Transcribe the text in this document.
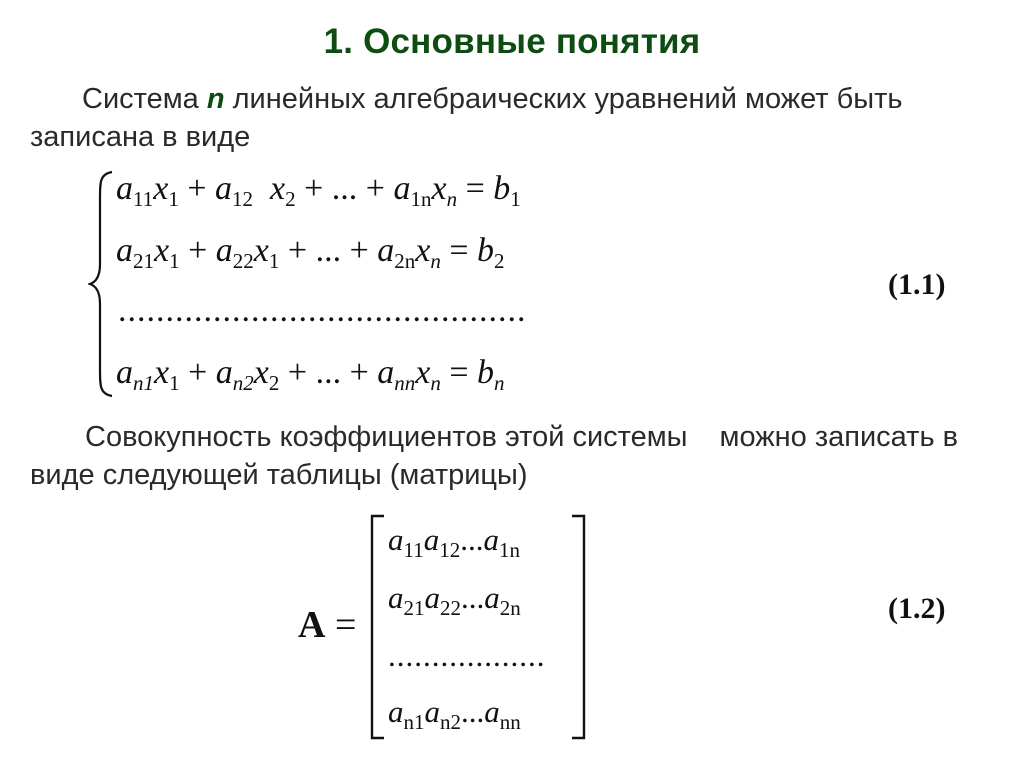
1. Основные понятия

Система n линейных алгебраических уравнений может быть записана в виде

$a_{11}x_1 + a_{12}$ $x_2$ + ... + $a_{1n}x_n = b_1$
$a_{21}x_1 + a_{22}x_1$ + ... + $a_{2n}x_n = b_2$
...........................................
$a_{n1}x_1 + a_{n2}x_2$ + ... + $a_{nn}x_n = b_n$
(1.1)

Совокупность коэффициентов этой системы можно записать в виде следующей таблицы (матрицы)

A =
$a_{11}a_{12}...a_{1n}$
$a_{21}a_{22}...a_{2n}$
..................
$a_{n1}a_{n2}...a_{nn}$
(1.2)
